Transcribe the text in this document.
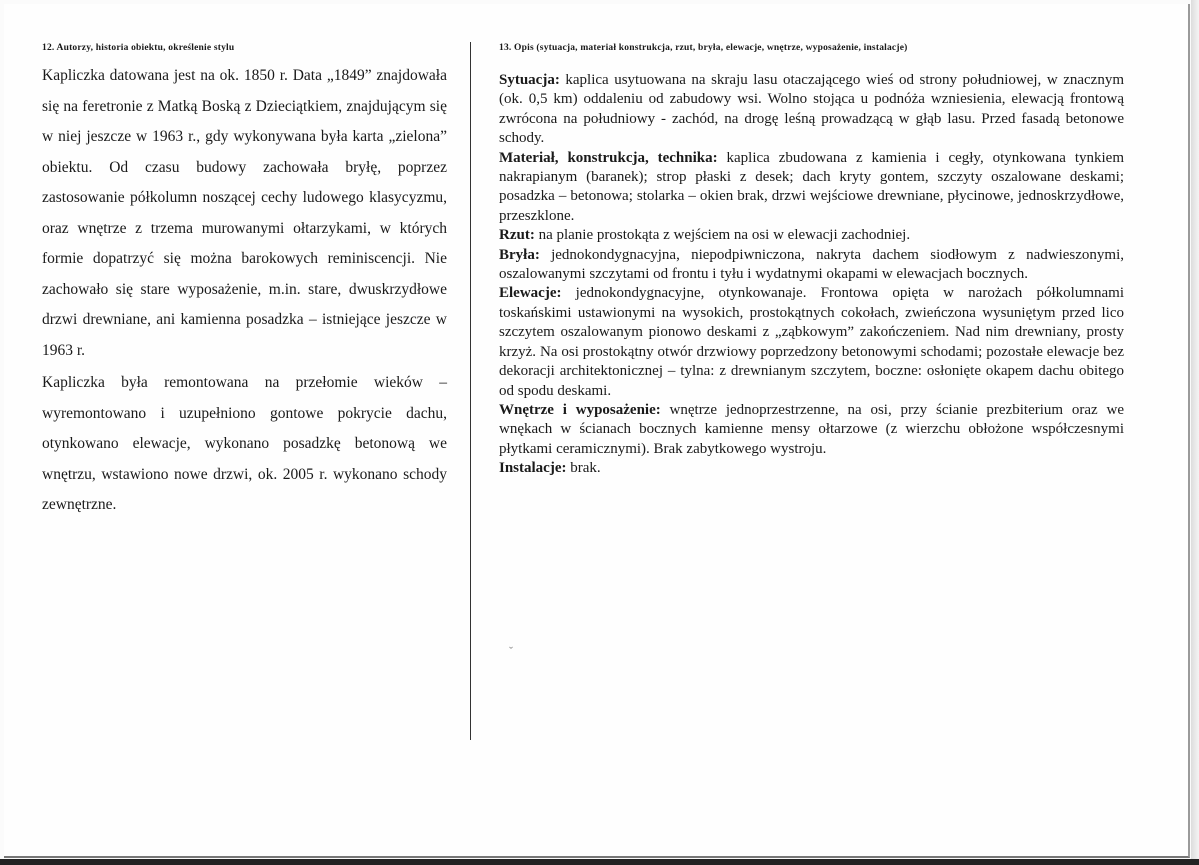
12. Autorzy, historia obiektu, określenie stylu

Kapliczka datowana jest na ok. 1850 r. Data „1849” znajdowała się na feretronie z Matką Boską z Dzieciątkiem, znajdującym się w niej jeszcze w 1963 r., gdy wykonywana była karta „zielona” obiektu. Od czasu budowy zachowała bryłę, poprzez zastosowanie półkolumn noszącej cechy ludowego klasycyzmu, oraz wnętrze z trzema murowanymi ołtarzykami, w których formie dopatrzyć się można barokowych reminiscencji. Nie zachowało się stare wyposażenie, m.in. stare, dwuskrzydłowe drzwi drewniane, ani kamienna posadzka – istniejące jeszcze w 1963 r.

Kapliczka była remontowana na przełomie wieków – wyremontowano i uzupełniono gontowe pokrycie dachu, otynkowano elewacje, wykonano posadzkę betonową we wnętrzu, wstawiono nowe drzwi, ok. 2005 r. wykonano schody zewnętrzne.

13. Opis (sytuacja, materiał konstrukcja, rzut, bryła, elewacje, wnętrze, wyposażenie, instalacje)

Sytuacja: kaplica usytuowana na skraju lasu otaczającego wieś od strony południowej, w znacznym (ok. 0,5 km) oddaleniu od zabudowy wsi. Wolno stojąca u podnóża wzniesienia, elewacją frontową zwrócona na południowy - zachód, na drogę leśną prowadzącą w głąb lasu. Przed fasadą betonowe schody.

Materiał, konstrukcja, technika: kaplica zbudowana z kamienia i cegły, otynkowana tynkiem nakrapianym (baranek); strop płaski z desek; dach kryty gontem, szczyty oszalowane deskami; posadzka – betonowa; stolarka – okien brak, drzwi wejściowe drewniane, płycinowe, jednoskrzydłowe, przeszklone.

Rzut: na planie prostokąta z wejściem na osi w elewacji zachodniej.

Bryła: jednokondygnacyjna, niepodpiwniczona, nakryta dachem siodłowym z nadwieszonymi, oszalowanymi szczytami od frontu i tyłu i wydatnymi okapami w elewacjach bocznych.

Elewacje: jednokondygnacyjne, otynkowanaje. Frontowa opięta w narożach półkolumnami toskańskimi ustawionymi na wysokich, prostokątnych cokołach, zwieńczona wysuniętym przed lico szczytem oszalowanym pionowo deskami z „ząbkowym” zakończeniem. Nad nim drewniany, prosty krzyż. Na osi prostokątny otwór drzwiowy poprzedzony betonowymi schodami; pozostałe elewacje bez dekoracji architektonicznej – tylna: z drewnianym szczytem, boczne: osłonięte okapem dachu obitego od spodu deskami.

Wnętrze i wyposażenie: wnętrze jednoprzestrzenne, na osi, przy ścianie prezbiterium oraz we wnękach w ścianach bocznych kamienne mensy ołtarzowe (z wierzchu obłożone współczesnymi płytkami ceramicznymi). Brak zabytkowego wystroju.

Instalacje: brak.

ˇ
